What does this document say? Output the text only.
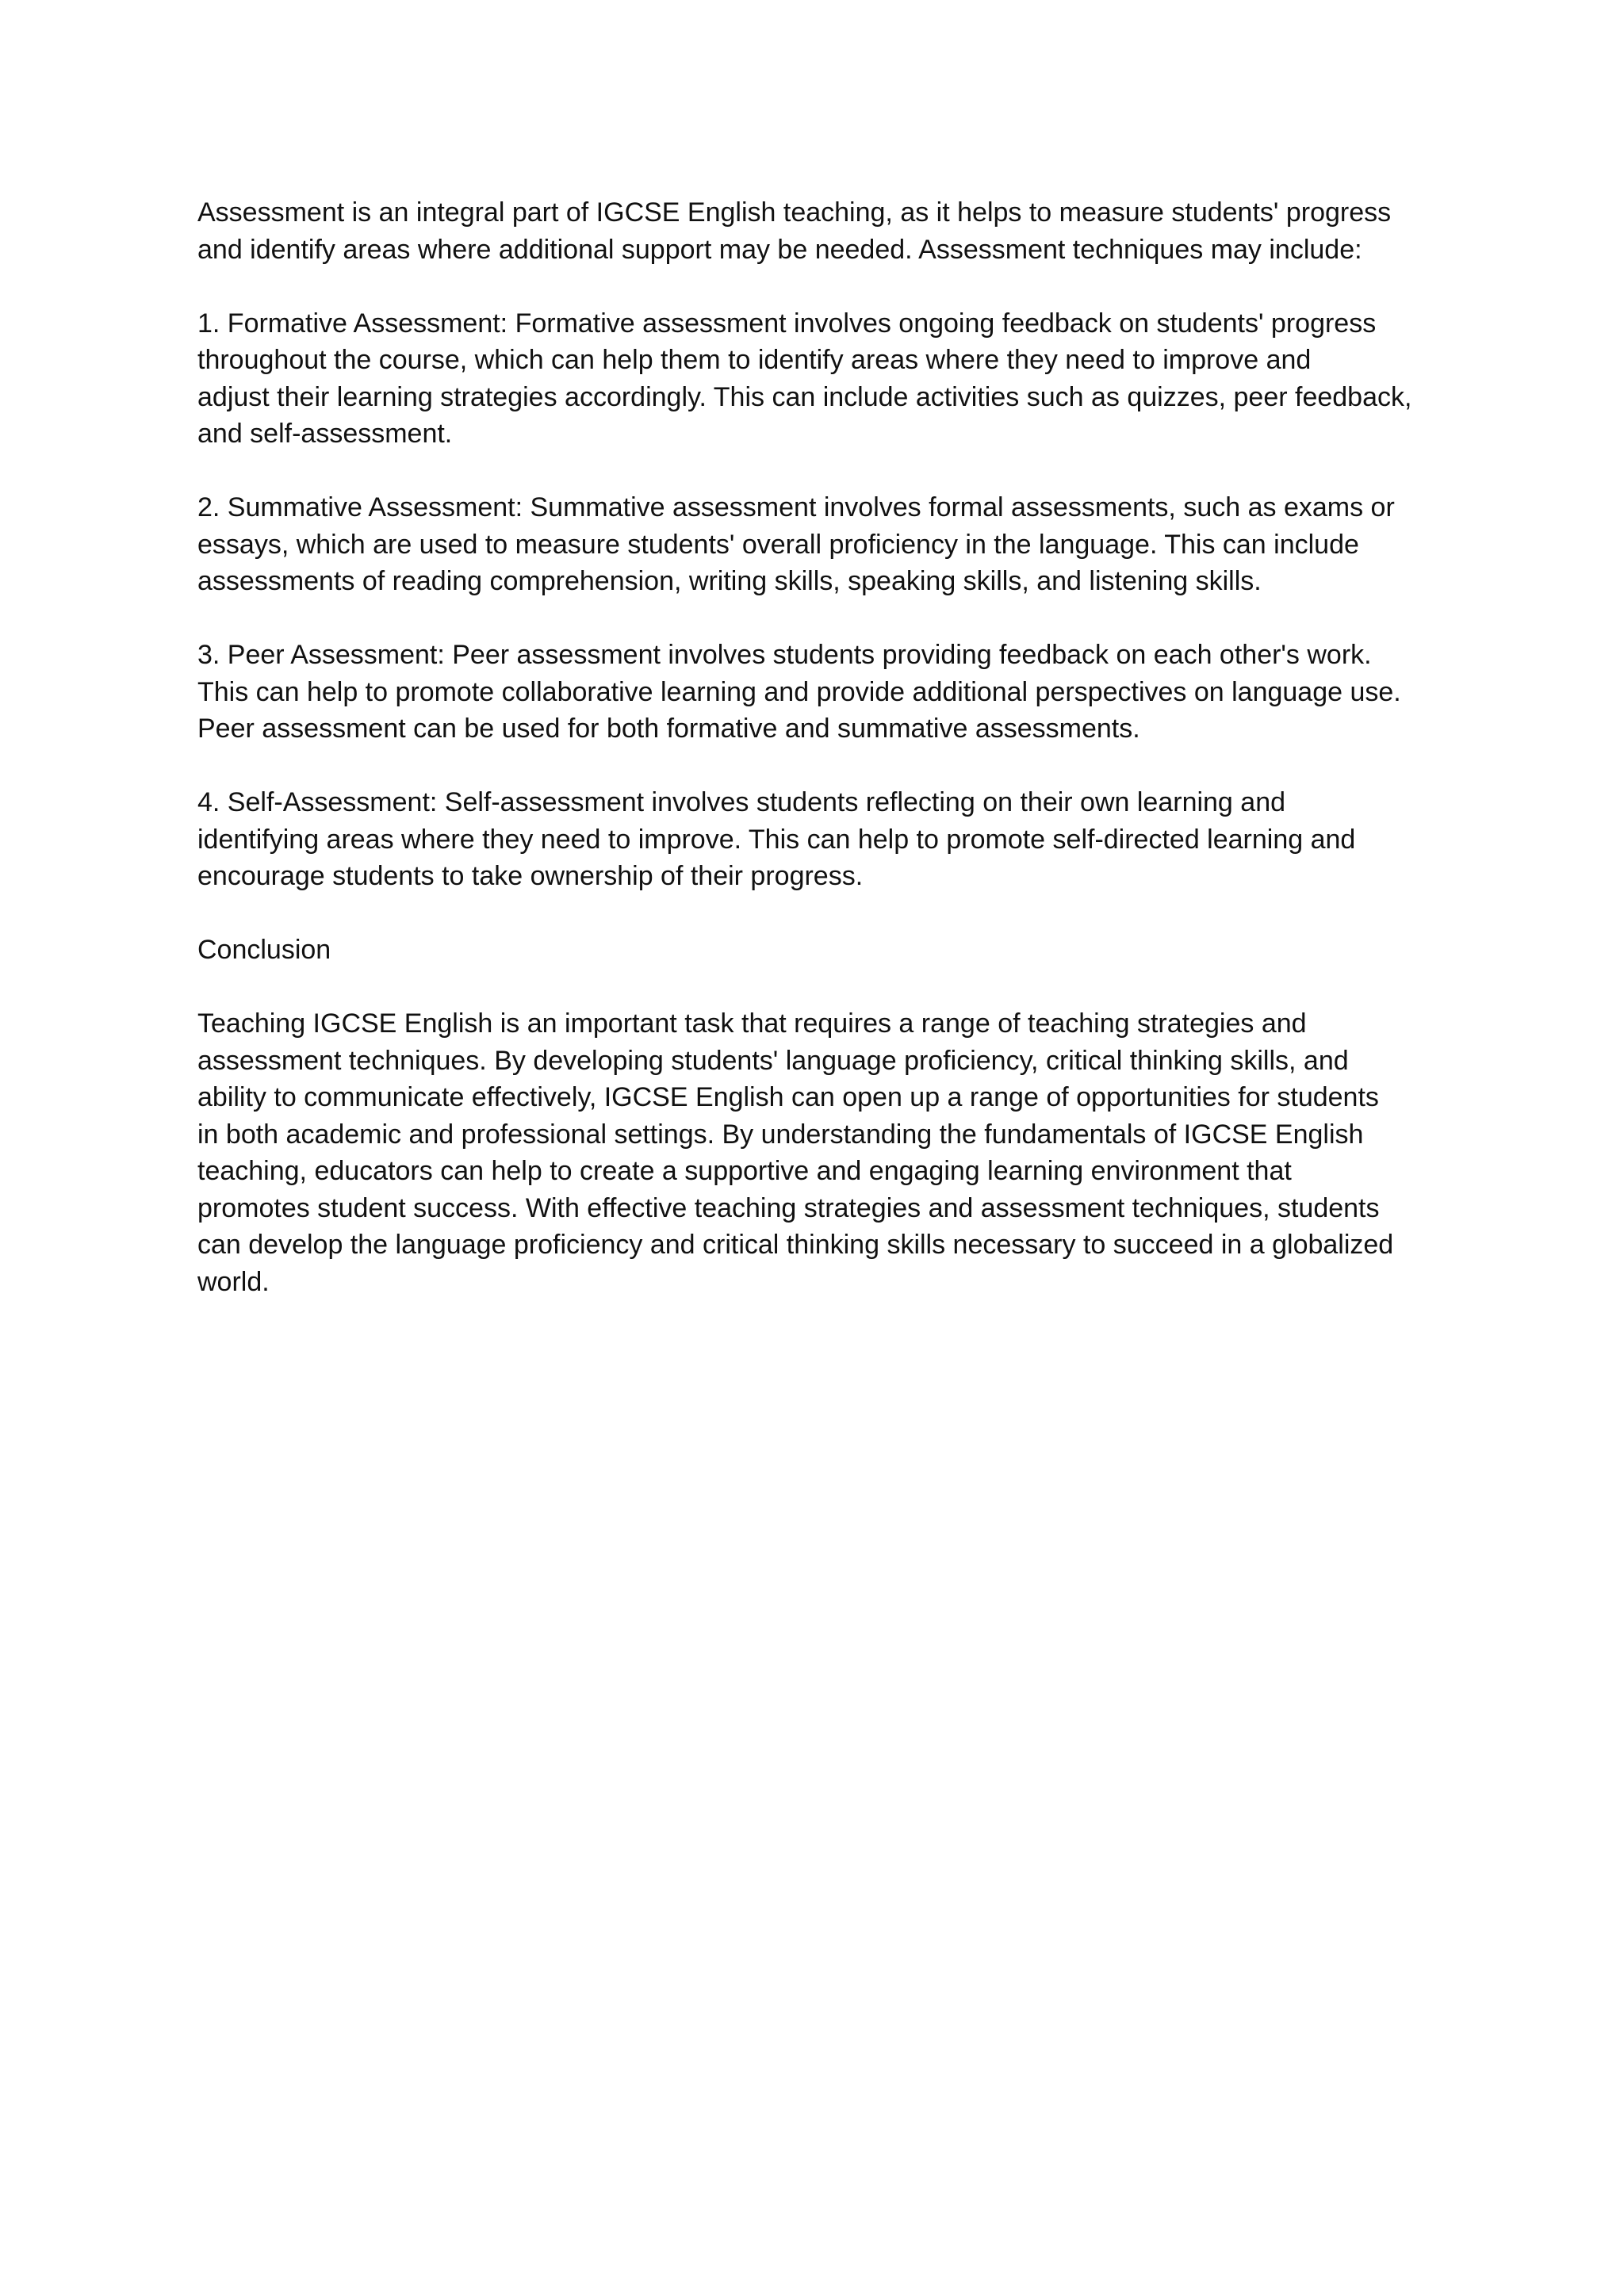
Assessment is an integral part of IGCSE English teaching, as it helps to measure students' progress
and identify areas where additional support may be needed. Assessment techniques may include:

1. Formative Assessment: Formative assessment involves ongoing feedback on students' progress
throughout the course, which can help them to identify areas where they need to improve and
adjust their learning strategies accordingly. This can include activities such as quizzes, peer feedback,
and self-assessment.

2. Summative Assessment: Summative assessment involves formal assessments, such as exams or
essays, which are used to measure students' overall proficiency in the language. This can include
assessments of reading comprehension, writing skills, speaking skills, and listening skills.

3. Peer Assessment: Peer assessment involves students providing feedback on each other's work.
This can help to promote collaborative learning and provide additional perspectives on language use.
Peer assessment can be used for both formative and summative assessments.

4. Self-Assessment: Self-assessment involves students reflecting on their own learning and
identifying areas where they need to improve. This can help to promote self-directed learning and
encourage students to take ownership of their progress.

Conclusion

Teaching IGCSE English is an important task that requires a range of teaching strategies and
assessment techniques. By developing students' language proficiency, critical thinking skills, and
ability to communicate effectively, IGCSE English can open up a range of opportunities for students
in both academic and professional settings. By understanding the fundamentals of IGCSE English
teaching, educators can help to create a supportive and engaging learning environment that
promotes student success. With effective teaching strategies and assessment techniques, students
can develop the language proficiency and critical thinking skills necessary to succeed in a globalized
world.
